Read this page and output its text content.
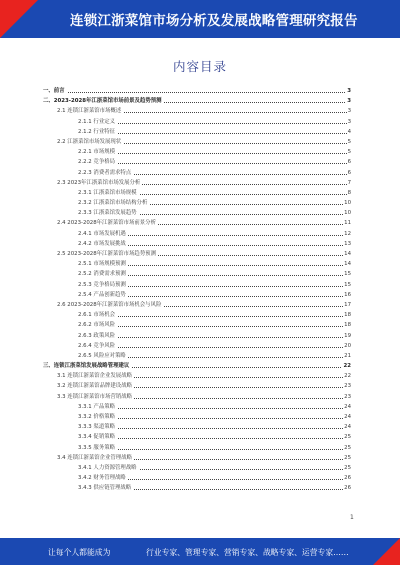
连锁江浙菜馆市场分析及发展战略管理研究报告
内容目录
一、前言	3
二、2023-2028年江浙菜馆市场前景及趋势预测	3
2.1 连锁江浙菜馆市场概述	3
2.1.1 行业定义	3
2.1.2 行业特征	4
2.2 江浙菜馆市场发展现状	5
2.2.1 市场规模	5
2.2.2 竞争格局	6
2.2.3 消费者需求特点	6
2.3 2023年江浙菜馆市场发展分析	7
2.3.1 江浙菜馆市场规模	8
2.3.2 江浙菜馆市场结构分析	10
2.3.3 江浙菜馆发展趋势	10
2.4 2023-2028年江浙菜馆市场前景分析	11
2.4.1 市场发展机遇	12
2.4.2 市场发展挑战	13
2.5 2023-2028年江浙菜馆市场趋势预测	14
2.5.1 市场规模预测	14
2.5.2 消费需求预测	15
2.5.3 竞争格局预测	15
2.5.4 产品创新趋势	16
2.6 2023-2028年江浙菜馆市场机会与风险	17
2.6.1 市场机会	18
2.6.2 市场风险	18
2.6.3 政策风险	19
2.6.4 竞争风险	20
2.6.5 风险应对策略	21
三、连锁江浙菜馆发展战略管理建议	22
3.1 连锁江浙菜馆企业发展战略	22
3.2 连锁江浙菜馆品牌建设战略	23
3.3 连锁江浙菜馆市场营销战略	23
3.3.1 产品策略	24
3.3.2 价格策略	24
3.3.3 渠道策略	24
3.3.4 促销策略	25
3.3.5 服务策略	25
3.4 连锁江浙菜馆企业管理战略	25
3.4.1 人力资源管理战略	25
3.4.2 财务管理战略	26
3.4.3 供应链管理战略	26
1
让每个人都能成为	行业专家、管理专家、营销专家、战略专家、运营专家……
